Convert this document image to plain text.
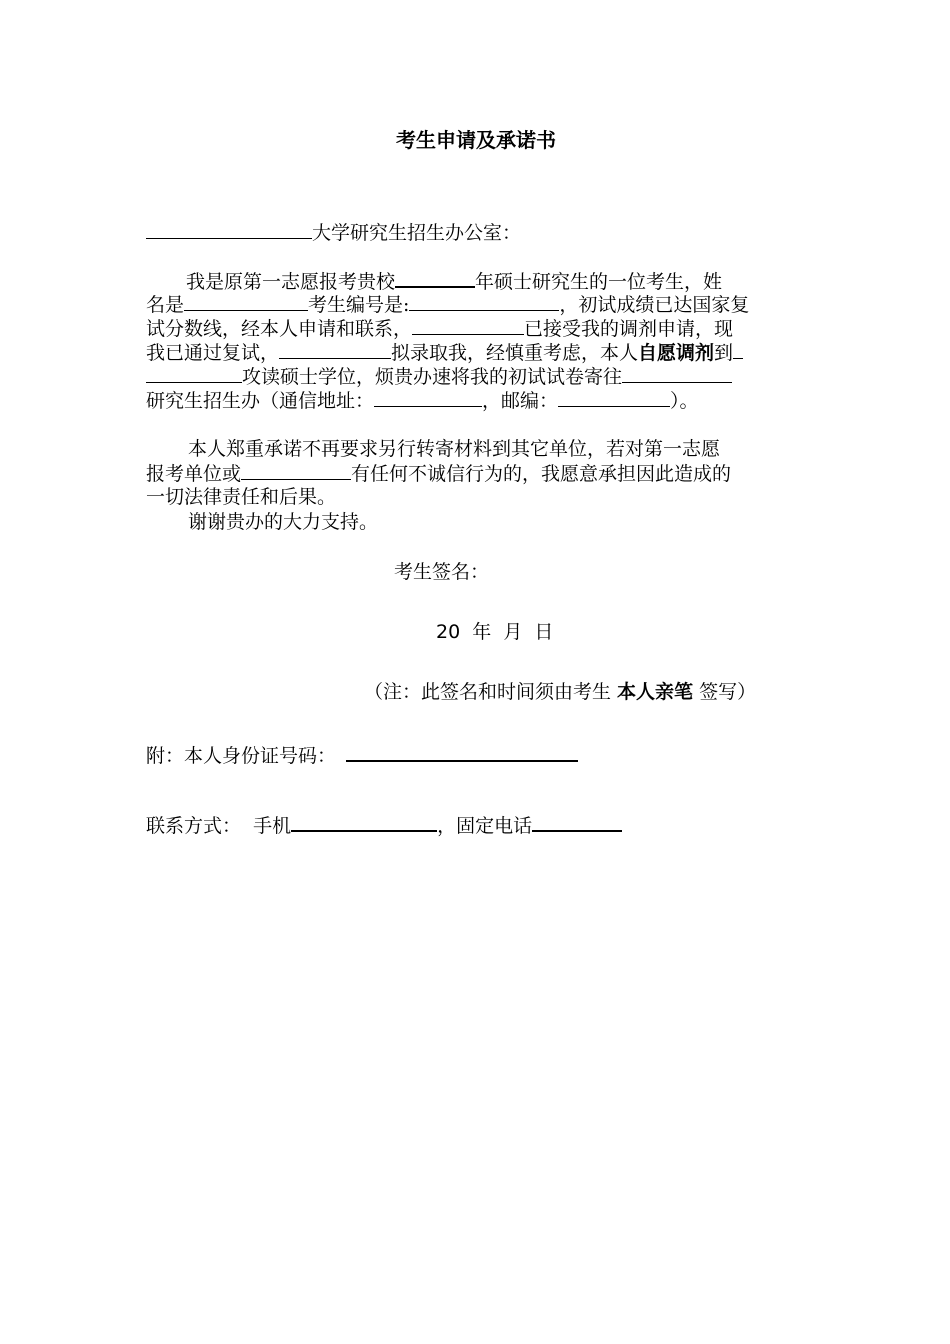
考生申请及承诺书
大学研究生招生办公室：
我是原第一志愿报考贵校	年硕士研究生的一位考生，姓
名是	考生编号是:	，初试成绩已达国家复
试分数线，经本人申请和联系，	已接受我的调剂申请，现
我已通过复试，	拟录取我，经慎重考虑，本人自愿调剂到
攻读硕士学位，烦贵办速将我的初试试卷寄往
研究生招生办（通信地址：	，邮编：	）。
本人郑重承诺不再要求另行转寄材料到其它单位，若对第一志愿
报考单位或	有任何不诚信行为的，我愿意承担因此造成的
一切法律责任和后果。
谢谢贵办的大力支持。
考生签名：
20  年  月  日
（注：此签名和时间须由考生 本人亲笔 签写）
附：本人身份证号码：
联系方式：  手机	，固定电话
